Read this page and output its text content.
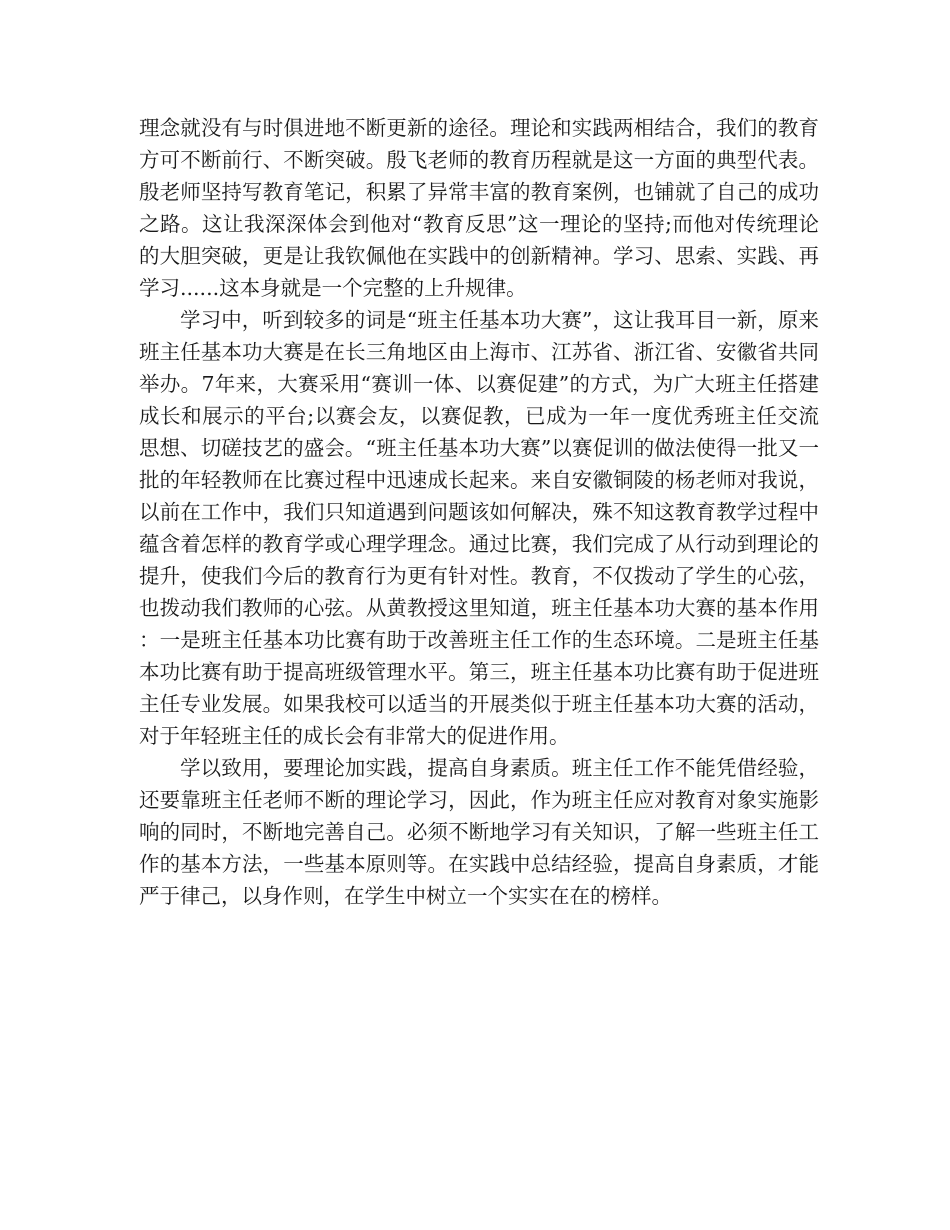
理念就没有与时俱进地不断更新的途径。理论和实践两相结合，我们的教育方可不断前行、不断突破。殷飞老师的教育历程就是这一方面的典型代表。殷老师坚持写教育笔记，积累了异常丰富的教育案例，也铺就了自己的成功之路。这让我深深体会到他对“教育反思”这一理论的坚持;而他对传统理论的大胆突破，更是让我钦佩他在实践中的创新精神。学习、思索、实践、再学习......这本身就是一个完整的上升规律。

学习中，听到较多的词是“班主任基本功大赛”，这让我耳目一新，原来班主任基本功大赛是在长三角地区由上海市、江苏省、浙江省、安徽省共同举办。7年来，大赛采用“赛训一体、以赛促建”的方式，为广大班主任搭建成长和展示的平台;以赛会友，以赛促教，已成为一年一度优秀班主任交流思想、切磋技艺的盛会。“班主任基本功大赛”以赛促训的做法使得一批又一批的年轻教师在比赛过程中迅速成长起来。来自安徽铜陵的杨老师对我说，以前在工作中，我们只知道遇到问题该如何解决，殊不知这教育教学过程中蕴含着怎样的教育学或心理学理念。通过比赛，我们完成了从行动到理论的提升，使我们今后的教育行为更有针对性。教育，不仅拨动了学生的心弦，也拨动我们教师的心弦。从黄教授这里知道，班主任基本功大赛的基本作用：一是班主任基本功比赛有助于改善班主任工作的生态环境。二是班主任基本功比赛有助于提高班级管理水平。第三，班主任基本功比赛有助于促进班主任专业发展。如果我校可以适当的开展类似于班主任基本功大赛的活动，对于年轻班主任的成长会有非常大的促进作用。

学以致用，要理论加实践，提高自身素质。班主任工作不能凭借经验，还要靠班主任老师不断的理论学习，因此，作为班主任应对教育对象实施影响的同时，不断地完善自己。必须不断地学习有关知识，了解一些班主任工作的基本方法，一些基本原则等。在实践中总结经验，提高自身素质，才能严于律己，以身作则，在学生中树立一个实实在在的榜样。
